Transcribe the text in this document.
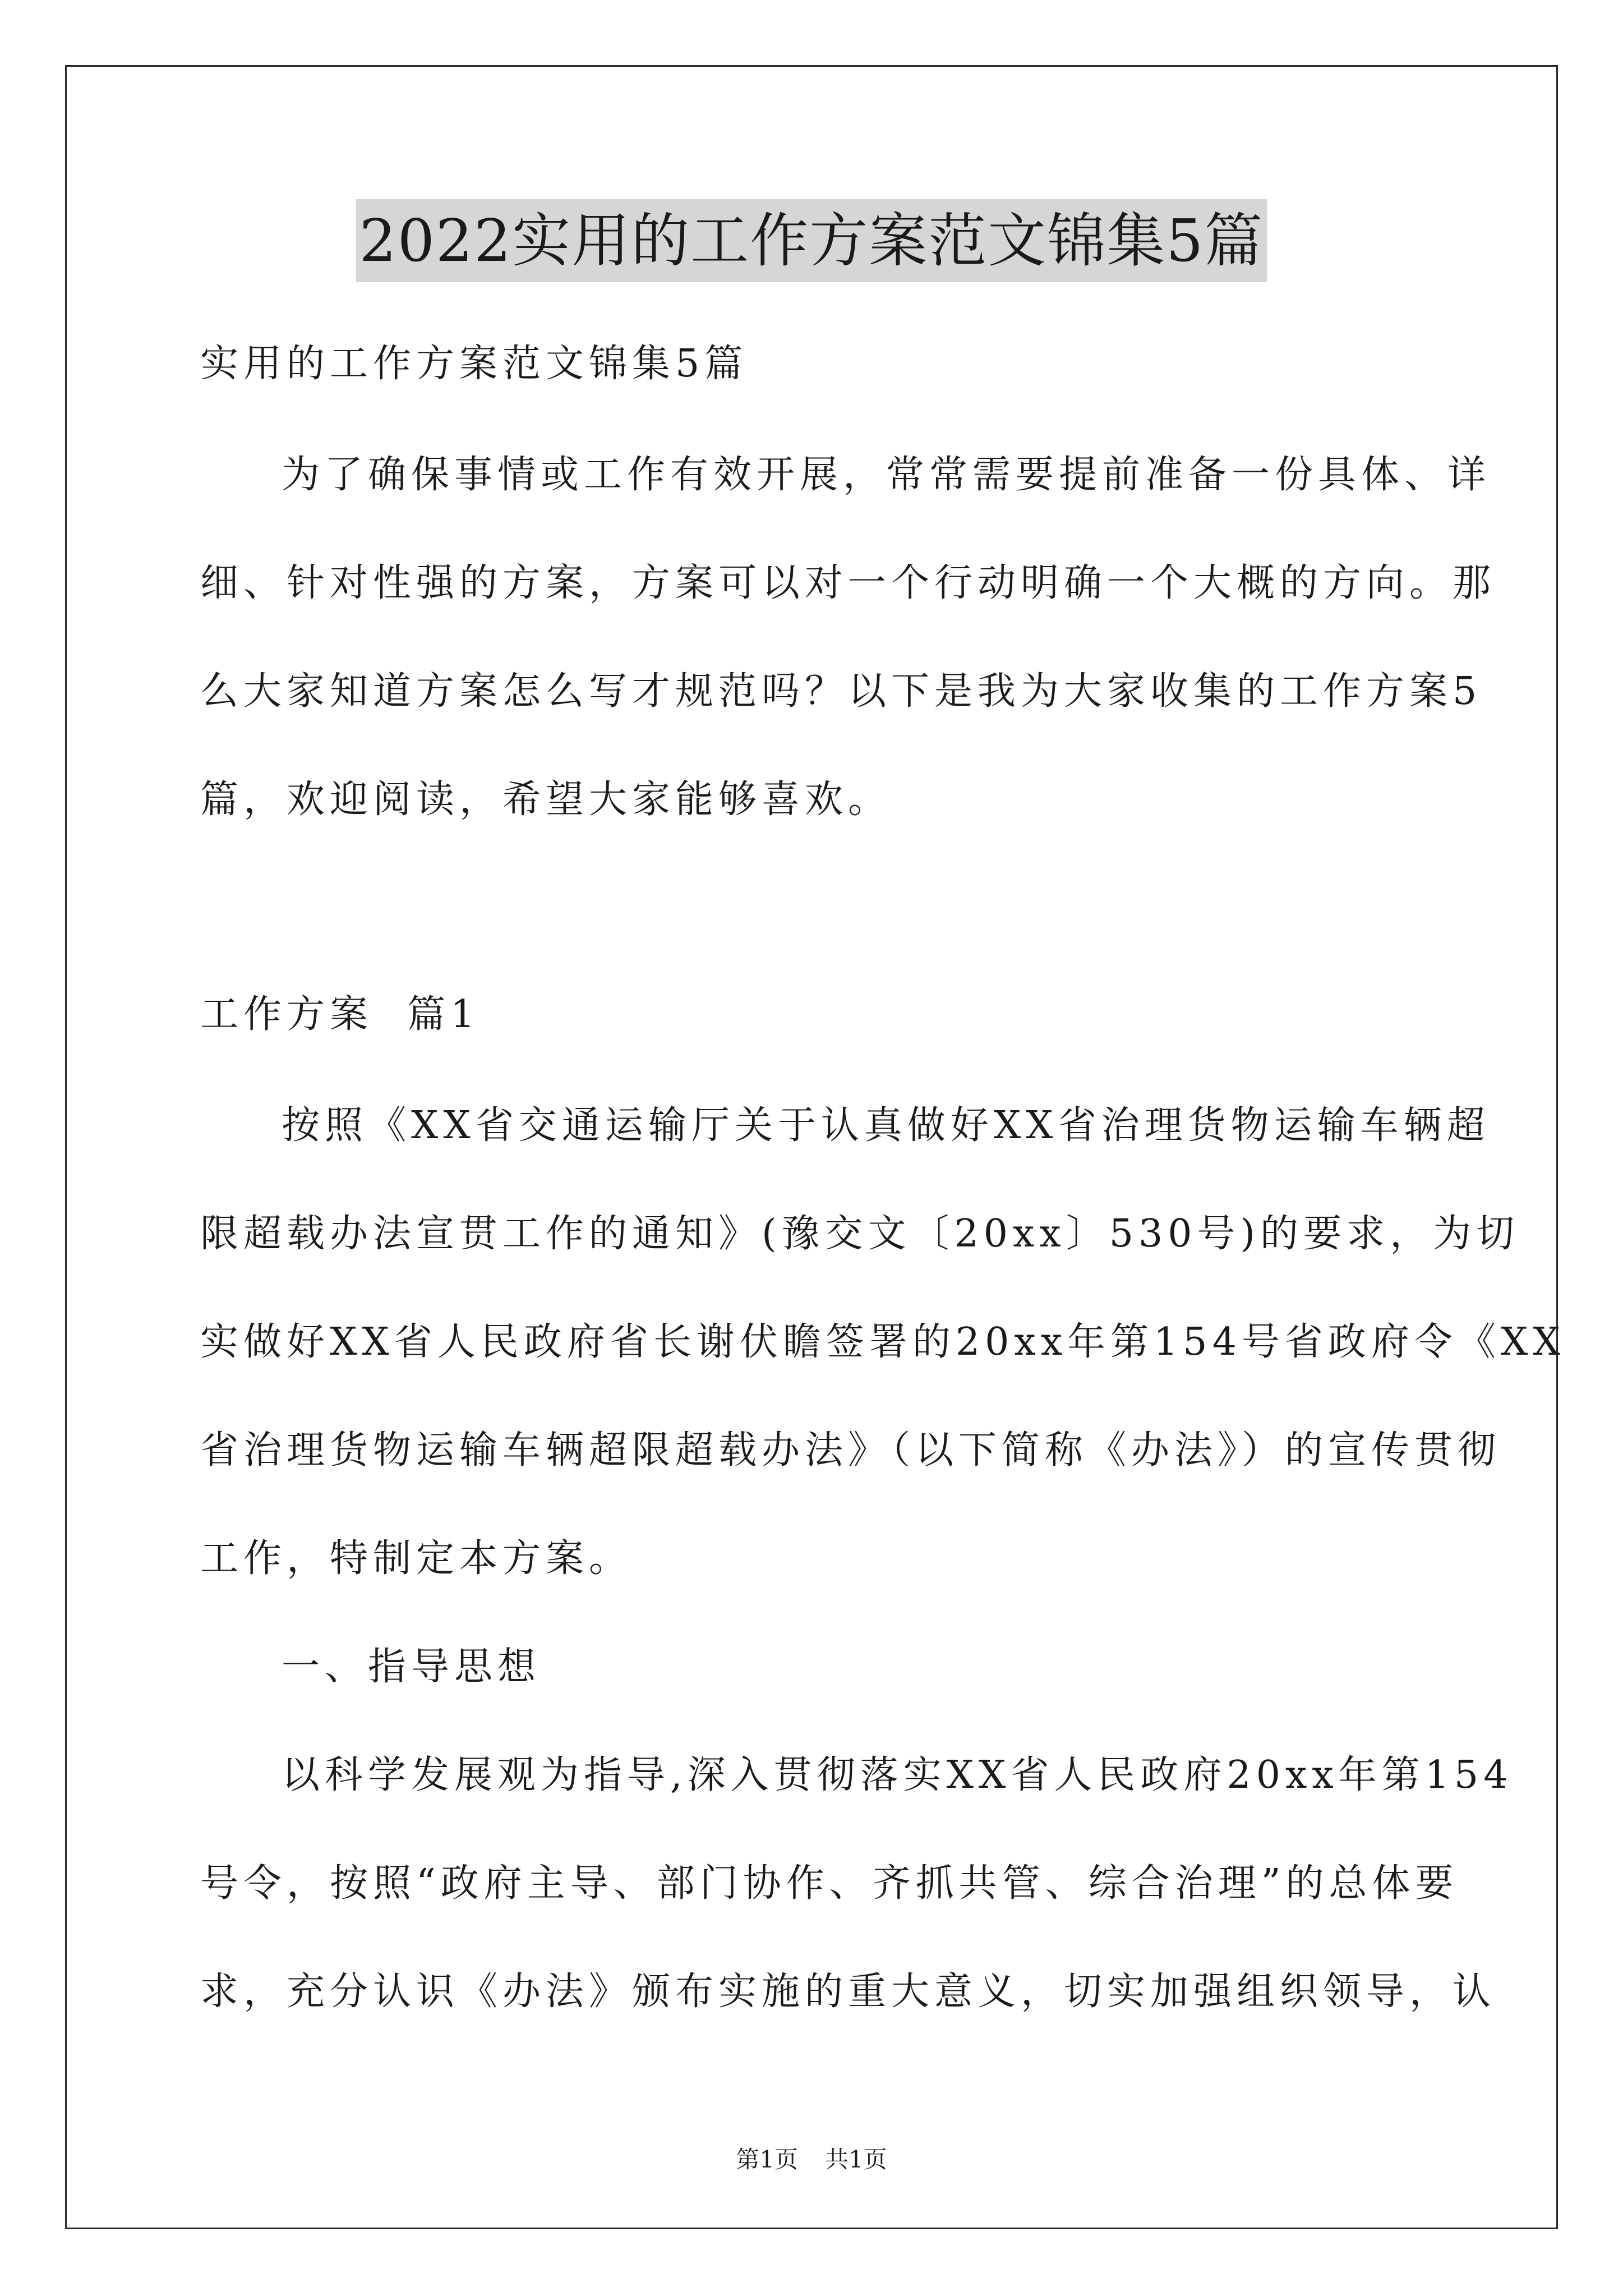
2022实用的工作方案范文锦集5篇
实用的工作方案范文锦集5篇
为了确保事情或工作有效开展，常常需要提前准备一份具体、详
细、针对性强的方案，方案可以对一个行动明确一个大概的方向。那
么大家知道方案怎么写才规范吗？以下是我为大家收集的工作方案5
篇，欢迎阅读，希望大家能够喜欢。
工作方案  篇1
按照《XX省交通运输厅关于认真做好XX省治理货物运输车辆超
限超载办法宣贯工作的通知》(豫交文〔20xx〕530号)的要求，为切
实做好XX省人民政府省长谢伏瞻签署的20xx年第154号省政府令《XX
省治理货物运输车辆超限超载办法》（以下简称《办法》）的宣传贯彻
工作，特制定本方案。
一、指导思想
以科学发展观为指导,深入贯彻落实XX省人民政府20xx年第154
号令，按照“政府主导、部门协作、齐抓共管、综合治理”的总体要
求，充分认识《办法》颁布实施的重大意义，切实加强组织领导，认
第1页 共1页
